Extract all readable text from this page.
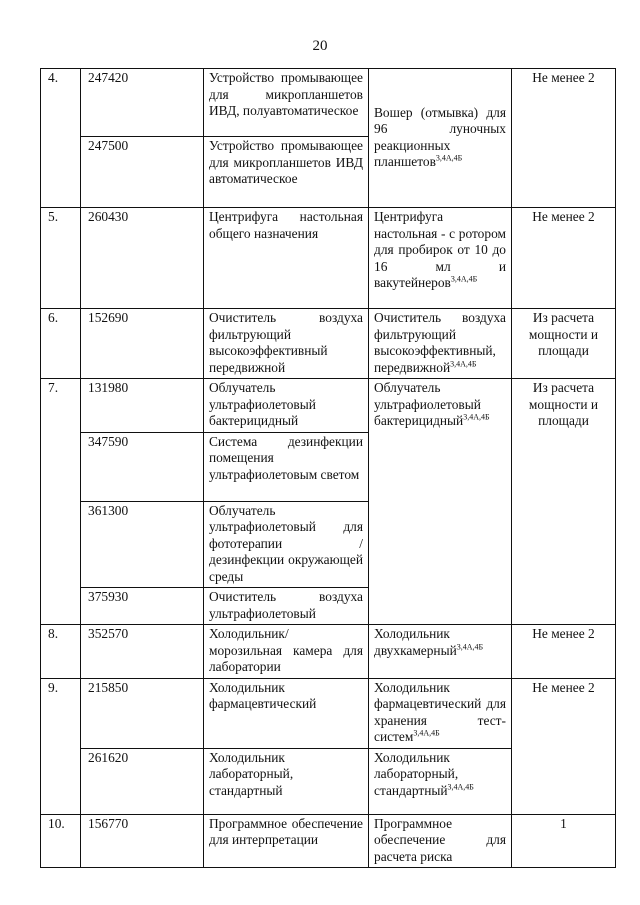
20
4.	247420	Устройство промывающее для микропланшетов ИВД, полуавтоматическое	Вошер (отмывка) для 96 луночных реакционных планшетов$^{3,4А,4Б}$	Не менее 2
	247500	Устройство промывающее для микропланшетов ИВД автоматическое		
5.	260430	Центрифуга настольная общего назначения	Центрифуга настольная - с ротором для пробирок от 10 до 16 мл и вакутейнеров$^{3,4А,4Б}$	Не менее 2
6.	152690	Очиститель воздуха фильтрующий высокоэффективный передвижной	Очиститель воздуха фильтрующий высокоэффективный, передвижной$^{3,4А,4Б}$	Из расчета мощности и площади
7.	131980	Облучатель ультрафиолетовый бактерицидный	Облучатель ультрафиолетовый бактерицидный$^{3,4А,4Б}$	Из расчета мощности и площади
	347590	Система дезинфекции помещения ультрафиолетовым светом		
	361300	Облучатель ультрафиолетовый для фототерапии /дезинфекции окружающей среды		
	375930	Очиститель воздуха ультрафиолетовый		
8.	352570	Холодильник/ морозильная камера для лаборатории	Холодильник двухкамерный$^{3,4А,4Б}$	Не менее 2
9.	215850	Холодильник фармацевтический	Холодильник фармацевтический для хранения тест-систем$^{3,4А,4Б}$	Не менее 2
	261620	Холодильник лабораторный, стандартный	Холодильник лабораторный, стандартный$^{3,4А,4Б}$
10.	156770	Программное обеспечение для интерпретации	Программное обеспечение для расчета риска	1
